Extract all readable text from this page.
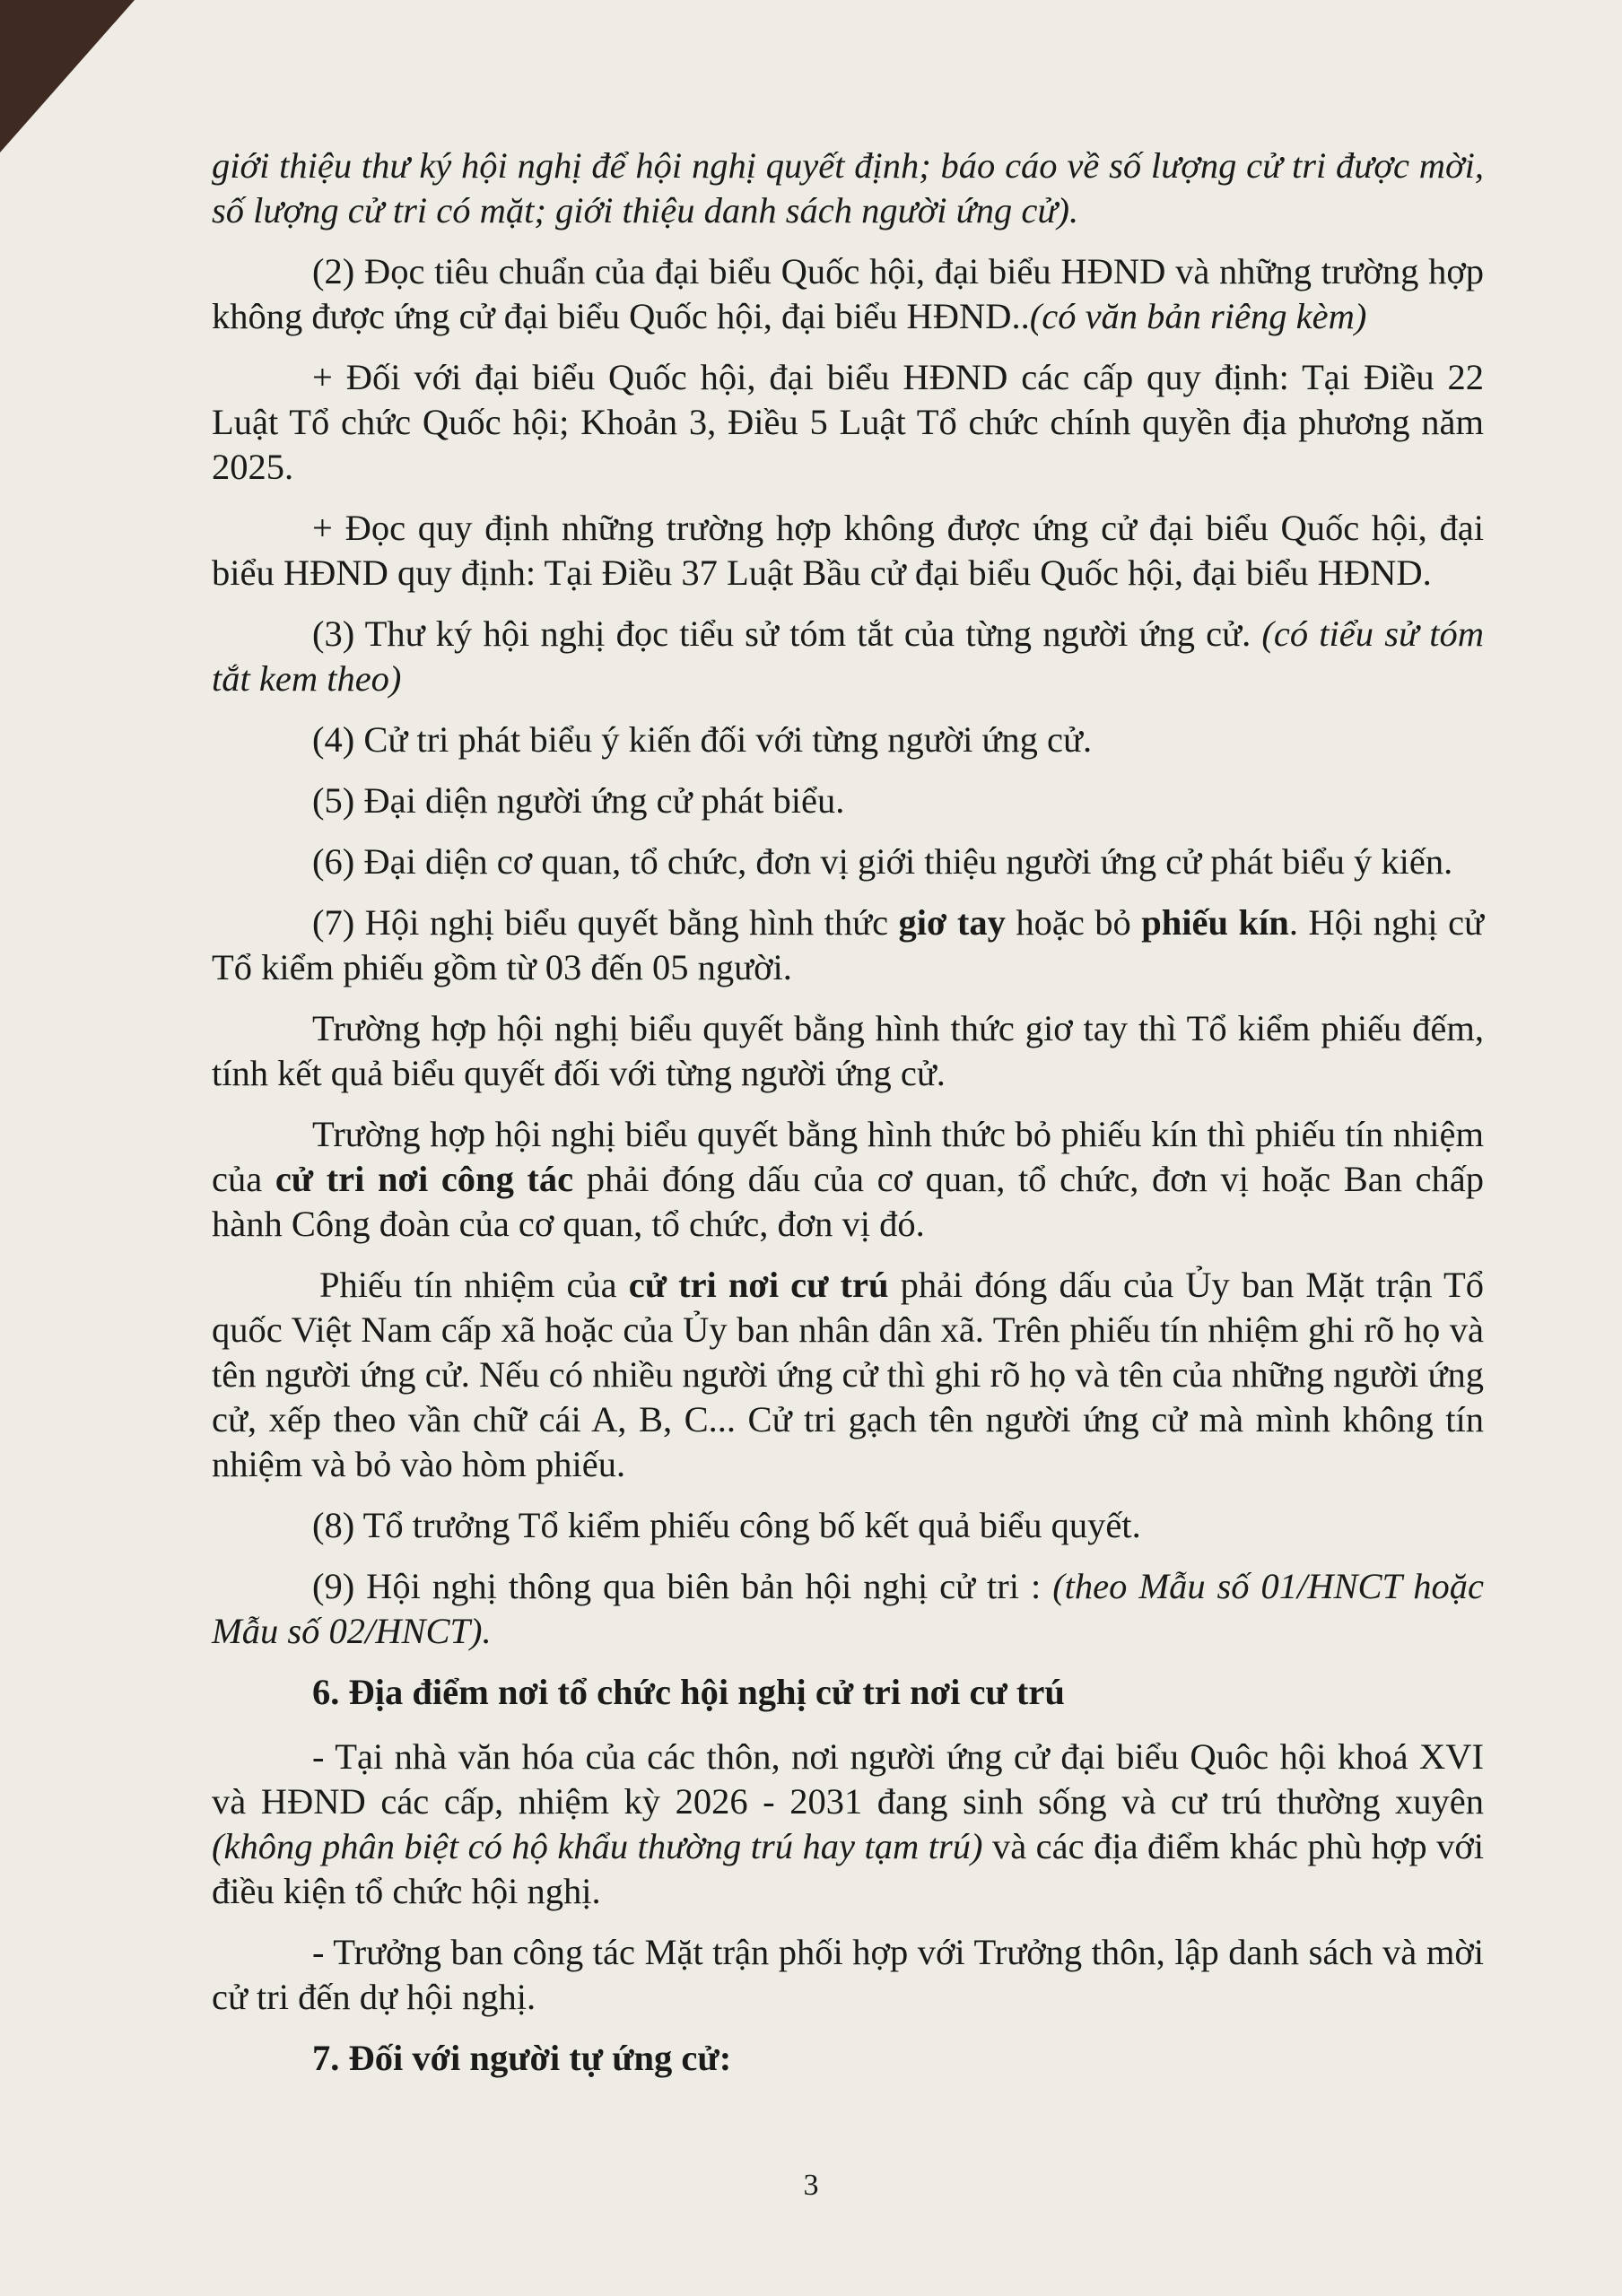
giới thiệu thư ký hội nghị để hội nghị quyết định; báo cáo về số lượng cử tri được mời, số lượng cử tri có mặt; giới thiệu danh sách người ứng cử).

(2) Đọc tiêu chuẩn của đại biểu Quốc hội, đại biểu HĐND và những trường hợp không được ứng cử đại biểu Quốc hội, đại biểu HĐND..(có văn bản riêng kèm)

+ Đối với đại biểu Quốc hội, đại biểu HĐND các cấp quy định: Tại Điều 22 Luật Tổ chức Quốc hội; Khoản 3, Điều 5 Luật Tổ chức chính quyền địa phương năm 2025.

+ Đọc quy định những trường hợp không được ứng cử đại biểu Quốc hội, đại biểu HĐND quy định: Tại Điều 37 Luật Bầu cử đại biểu Quốc hội, đại biểu HĐND.

(3) Thư ký hội nghị đọc tiểu sử tóm tắt của từng người ứng cử. (có tiểu sử tóm tắt kem theo)

(4) Cử tri phát biểu ý kiến đối với từng người ứng cử.

(5) Đại diện người ứng cử phát biểu.

(6) Đại diện cơ quan, tổ chức, đơn vị giới thiệu người ứng cử phát biểu ý kiến.

(7) Hội nghị biểu quyết bằng hình thức giơ tay hoặc bỏ phiếu kín. Hội nghị cử Tổ kiểm phiếu gồm từ 03 đến 05 người.

Trường hợp hội nghị biểu quyết bằng hình thức giơ tay thì Tổ kiểm phiếu đếm, tính kết quả biểu quyết đối với từng người ứng cử.

Trường hợp hội nghị biểu quyết bằng hình thức bỏ phiếu kín thì phiếu tín nhiệm của cử tri nơi công tác phải đóng dấu của cơ quan, tổ chức, đơn vị hoặc Ban chấp hành Công đoàn của cơ quan, tổ chức, đơn vị đó.

Phiếu tín nhiệm của cử tri nơi cư trú phải đóng dấu của Ủy ban Mặt trận Tổ quốc Việt Nam cấp xã hoặc của Ủy ban nhân dân xã. Trên phiếu tín nhiệm ghi rõ họ và tên người ứng cử. Nếu có nhiều người ứng cử thì ghi rõ họ và tên của những người ứng cử, xếp theo vần chữ cái A, B, C... Cử tri gạch tên người ứng cử mà mình không tín nhiệm và bỏ vào hòm phiếu.

(8) Tổ trưởng Tổ kiểm phiếu công bố kết quả biểu quyết.

(9) Hội nghị thông qua biên bản hội nghị cử tri : (theo Mẫu số 01/HNCT hoặc Mẫu số 02/HNCT).

6. Địa điểm nơi tổ chức hội nghị cử tri nơi cư trú

- Tại nhà văn hóa của các thôn, nơi người ứng cử đại biểu Quôc hội khoá XVI và HĐND các cấp, nhiệm kỳ 2026 - 2031 đang sinh sống và cư trú thường xuyên (không phân biệt có hộ khẩu thường trú hay tạm trú) và các địa điểm khác phù hợp với điều kiện tổ chức hội nghị.

- Trưởng ban công tác Mặt trận phối hợp với Trưởng thôn, lập danh sách và mời cử tri đến dự hội nghị.

7. Đối với người tự ứng cử:

3
